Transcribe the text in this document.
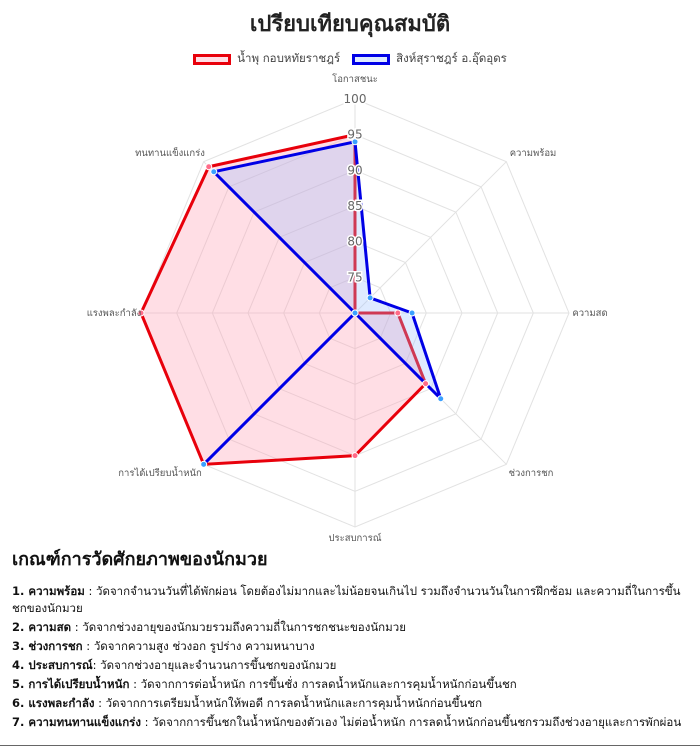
เปรียบเทียบคุณสมบัติ
น้ำพุ กอบหทัยราชฎร์	สิงห์สุราชฎร์ อ.อุ๊ดอุดร
75
80
85
90
95
100
โอกาสชนะ
ความพร้อม
ความสด
ช่วงการชก
ประสบการณ์
การได้เปรียบน้ำหนัก
แรงพละกำลัง
ทนทานแข็งแกร่ง
เกณฑ์การวัดศักยภาพของนักมวย
1. ความพร้อม : วัดจากจำนวนวันที่ได้พักผ่อน โดยต้องไม่มากและไม่น้อยจนเกินไป รวมถึงจำนวนวันในการฝึกซ้อม และความถี่ในการขึ้นชกของนักมวย
2. ความสด : วัดจากช่วงอายุของนักมวยรวมถึงความถี่ในการชกชนะของนักมวย
3. ช่วงการชก : วัดจากความสูง ช่วงอก รูปร่าง ความหนาบาง
4. ประสบการณ์: วัดจากช่วงอายุและจำนวนการขึ้นชกของนักมวย
5. การได้เปรียบน้ำหนัก : วัดจากการต่อน้ำหนัก การขึ้นชั่ง การลดน้ำหนักและการคุมน้ำหนักก่อนขึ้นชก
6. แรงพละกำลัง : วัดจากการเตรียมน้ำหนักให้พอดี การลดน้ำหนักและการคุมน้ำหนักก่อนขึ้นชก
7. ความทนทานแข็งแกร่ง : วัดจากการขึ้นชกในน้ำหนักของตัวเอง ไม่ต่อน้ำหนัก การลดน้ำหนักก่อนขึ้นชกรวมถึงช่วงอายุและการพักผ่อน
